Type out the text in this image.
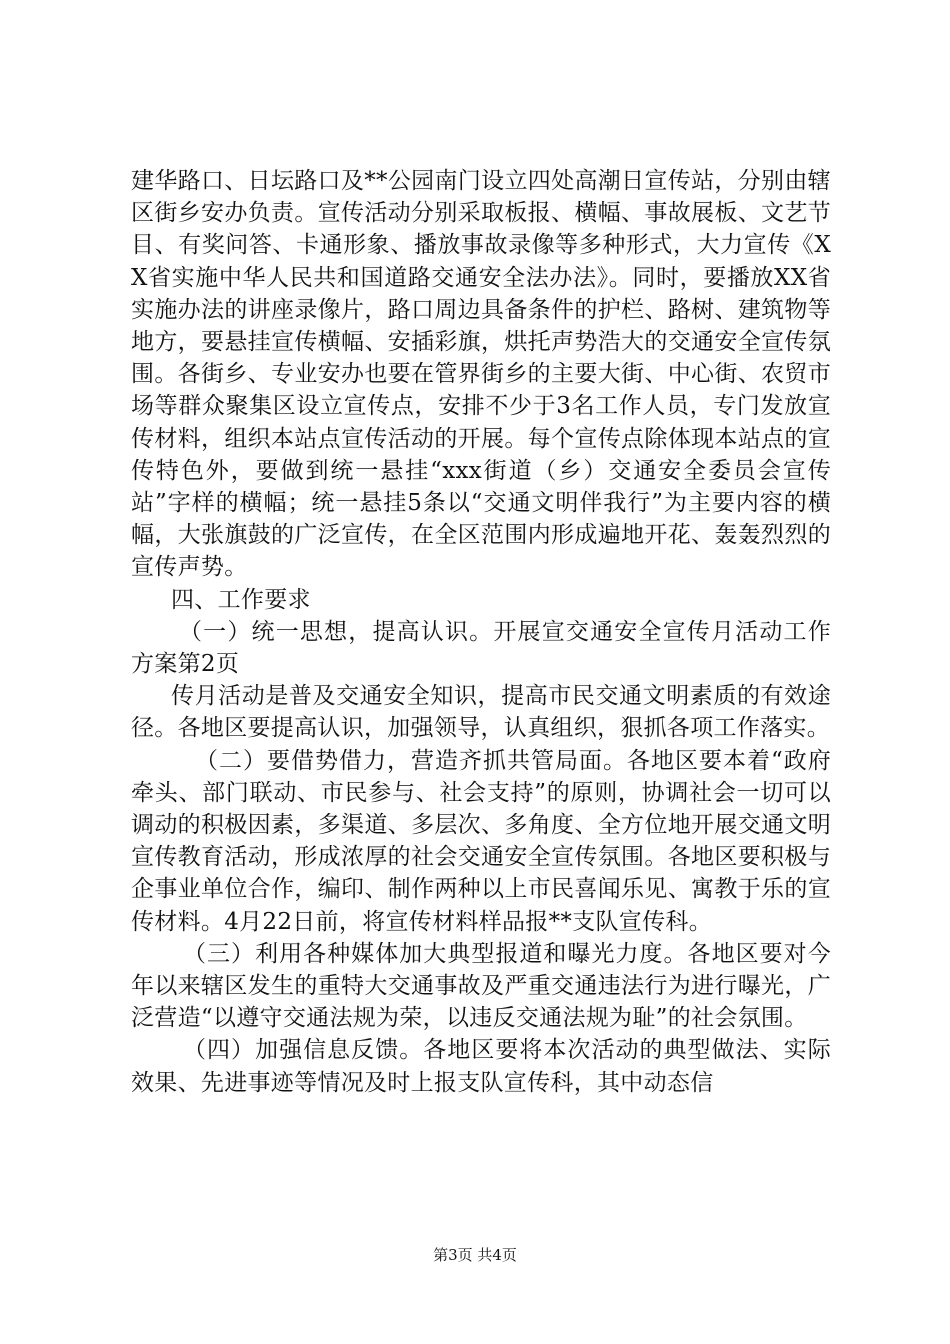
建华路口、日坛路口及**公园南门设立四处高潮日宣传站，分别由辖区街乡安办负责。宣传活动分别采取板报、横幅、事故展板、文艺节目、有奖问答、卡通形象、播放事故录像等多种形式，大力宣传《XX省实施中华人民共和国道路交通安全法办法》。同时，要播放XX省实施办法的讲座录像片，路口周边具备条件的护栏、路树、建筑物等地方，要悬挂宣传横幅、安插彩旗，烘托声势浩大的交通安全宣传氛围。各街乡、专业安办也要在管界街乡的主要大街、中心街、农贸市场等群众聚集区设立宣传点，安排不少于3名工作人员，专门发放宣传材料，组织本站点宣传活动的开展。每个宣传点除体现本站点的宣传特色外，要做到统一悬挂“xxx街道（乡）交通安全委员会宣传站”字样的横幅；统一悬挂5条以“交通文明伴我行”为主要内容的横幅，大张旗鼓的广泛宣传，在全区范围内形成遍地开花、轰轰烈烈的宣传声势。

四、工作要求

（一）统一思想，提高认识。开展宣交通安全宣传月活动工作方案第2页

传月活动是普及交通安全知识，提高市民交通文明素质的有效途径。各地区要提高认识，加强领导，认真组织，狠抓各项工作落实。

（二）要借势借力，营造齐抓共管局面。各地区要本着“政府牵头、部门联动、市民参与、社会支持”的原则，协调社会一切可以调动的积极因素，多渠道、多层次、多角度、全方位地开展交通文明宣传教育活动，形成浓厚的社会交通安全宣传氛围。各地区要积极与企事业单位合作，编印、制作两种以上市民喜闻乐见、寓教于乐的宣传材料。4月22日前，将宣传材料样品报**支队宣传科。

（三）利用各种媒体加大典型报道和曝光力度。各地区要对今年以来辖区发生的重特大交通事故及严重交通违法行为进行曝光，广泛营造“以遵守交通法规为荣，以违反交通法规为耻”的社会氛围。

（四）加强信息反馈。各地区要将本次活动的典型做法、实际效果、先进事迹等情况及时上报支队宣传科，其中动态信

第3页 共4页
